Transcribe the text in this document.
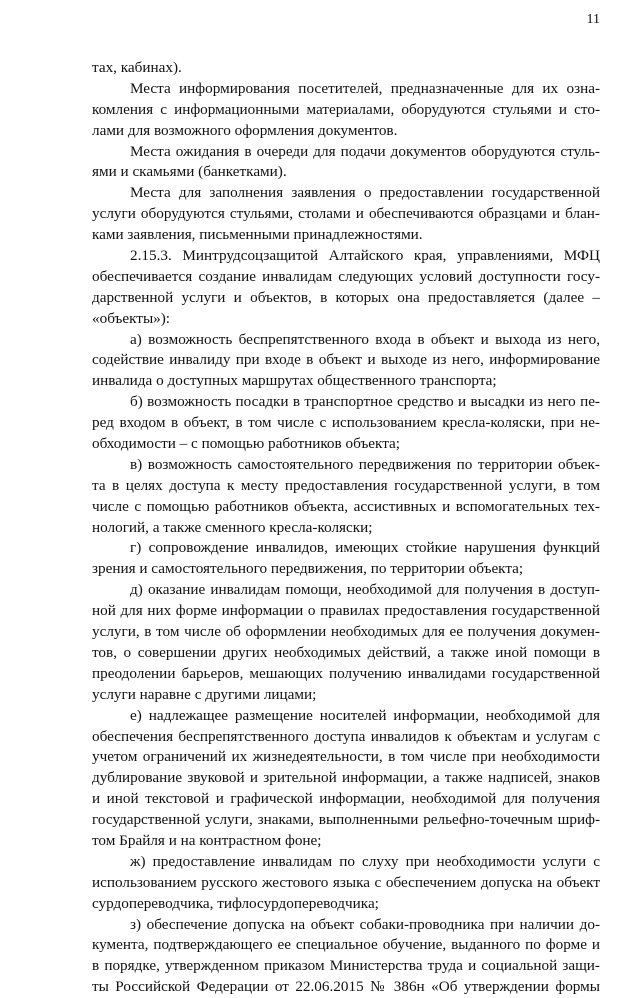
11
тах, кабинах).
Места информирования посетителей, предназначенные для их озна-
комления с информационными материалами, оборудуются стульями и сто-
лами для возможного оформления документов.
Места ожидания в очереди для подачи документов оборудуются стуль-
ями и скамьями (банкетками).
Места для заполнения заявления о предоставлении государственной
услуги оборудуются стульями, столами и обеспечиваются образцами и блан-
ками заявления, письменными принадлежностями.
2.15.3. Минтрудсоцзащитой Алтайского края, управлениями, МФЦ
обеспечивается создание инвалидам следующих условий доступности госу-
дарственной услуги и объектов, в которых она предоставляется (далее –
«объекты»):
а) возможность беспрепятственного входа в объект и выхода из него,
содействие инвалиду при входе в объект и выходе из него, информирование
инвалида о доступных маршрутах общественного транспорта;
б) возможность посадки в транспортное средство и высадки из него пе-
ред входом в объект, в том числе с использованием кресла-коляски, при не-
обходимости – с помощью работников объекта;
в) возможность самостоятельного передвижения по территории объек-
та в целях доступа к месту предоставления государственной услуги, в том
числе с помощью работников объекта, ассистивных и вспомогательных тех-
нологий, а также сменного кресла-коляски;
г) сопровождение инвалидов, имеющих стойкие нарушения функций
зрения и самостоятельного передвижения, по территории объекта;
д) оказание инвалидам помощи, необходимой для получения в доступ-
ной для них форме информации о правилах предоставления государственной
услуги, в том числе об оформлении необходимых для ее получения докумен-
тов, о совершении других необходимых действий, а также иной помощи в
преодолении барьеров, мешающих получению инвалидами государственной
услуги наравне с другими лицами;
е) надлежащее размещение носителей информации, необходимой для
обеспечения беспрепятственного доступа инвалидов к объектам и услугам с
учетом ограничений их жизнедеятельности, в том числе при необходимости
дублирование звуковой и зрительной информации, а также надписей, знаков
и иной текстовой и графической информации, необходимой для получения
государственной услуги, знаками, выполненными рельефно-точечным шриф-
том Брайля и на контрастном фоне;
ж) предоставление инвалидам по слуху при необходимости услуги с
использованием русского жестового языка с обеспечением допуска на объект
сурдопереводчика, тифлосурдопереводчика;
з) обеспечение допуска на объект собаки-проводника при наличии до-
кумента, подтверждающего ее специальное обучение, выданного по форме и
в порядке, утвержденном приказом Министерства труда и социальной защи-
ты Российской Федерации от 22.06.2015 № 386н «Об утверждении формы
